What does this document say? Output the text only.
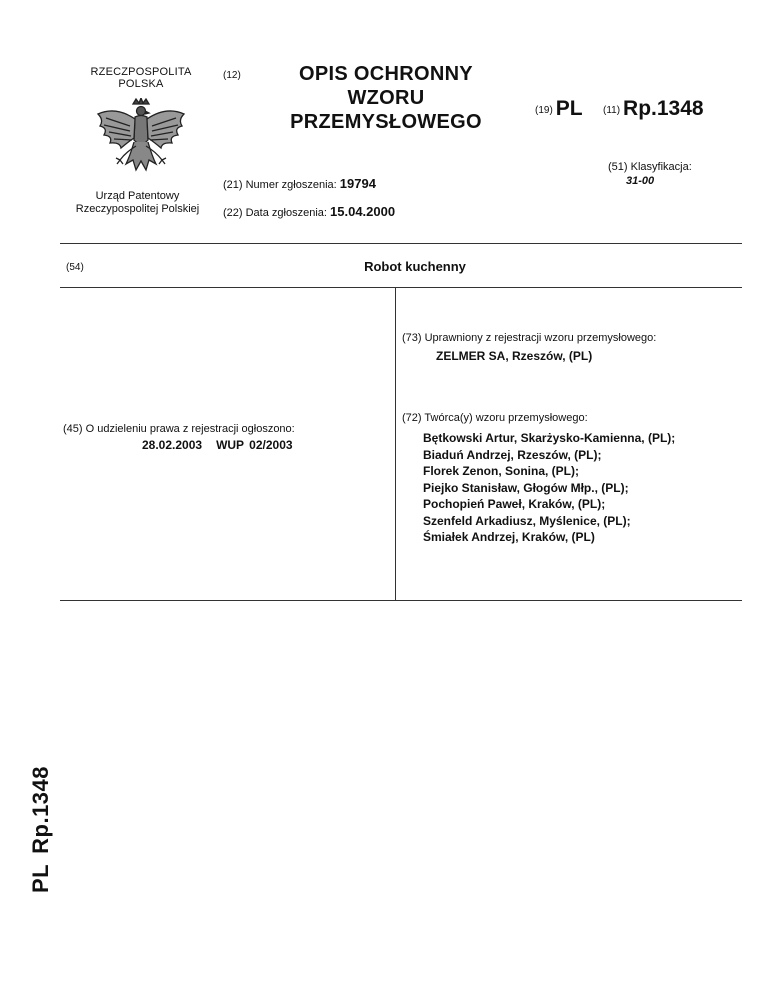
RZECZPOSPOLITA
POLSKA
Urząd Patentowy
Rzeczypospolitej Polskiej
(12)	OPIS OCHRONNY
WZORU
PRZEMYSŁOWEGO
(19) PL (11) Rp.1348
(51) Klasyfikacja:
31-00
(21) Numer zgłoszenia: 19794
(22) Data zgłoszenia: 15.04.2000
(54)	Robot kuchenny
(73) Uprawniony z rejestracji wzoru przemysłowego:
ZELMER SA, Rzeszów, (PL)
(72) Twórca(y) wzoru przemysłowego:
Bętkowski Artur, Skarżysko-Kamienna, (PL);
Biaduń Andrzej, Rzeszów, (PL);
Florek Zenon, Sonina, (PL);
Piejko Stanisław, Głogów Młp., (PL);
Pochopień Paweł, Kraków, (PL);
Szenfeld Arkadiusz, Myślenice, (PL);
Śmiałek Andrzej, Kraków, (PL)
(45) O udzieleniu prawa z rejestracji ogłoszono:
28.02.2003 WUP 02/2003
PLRp.1348
